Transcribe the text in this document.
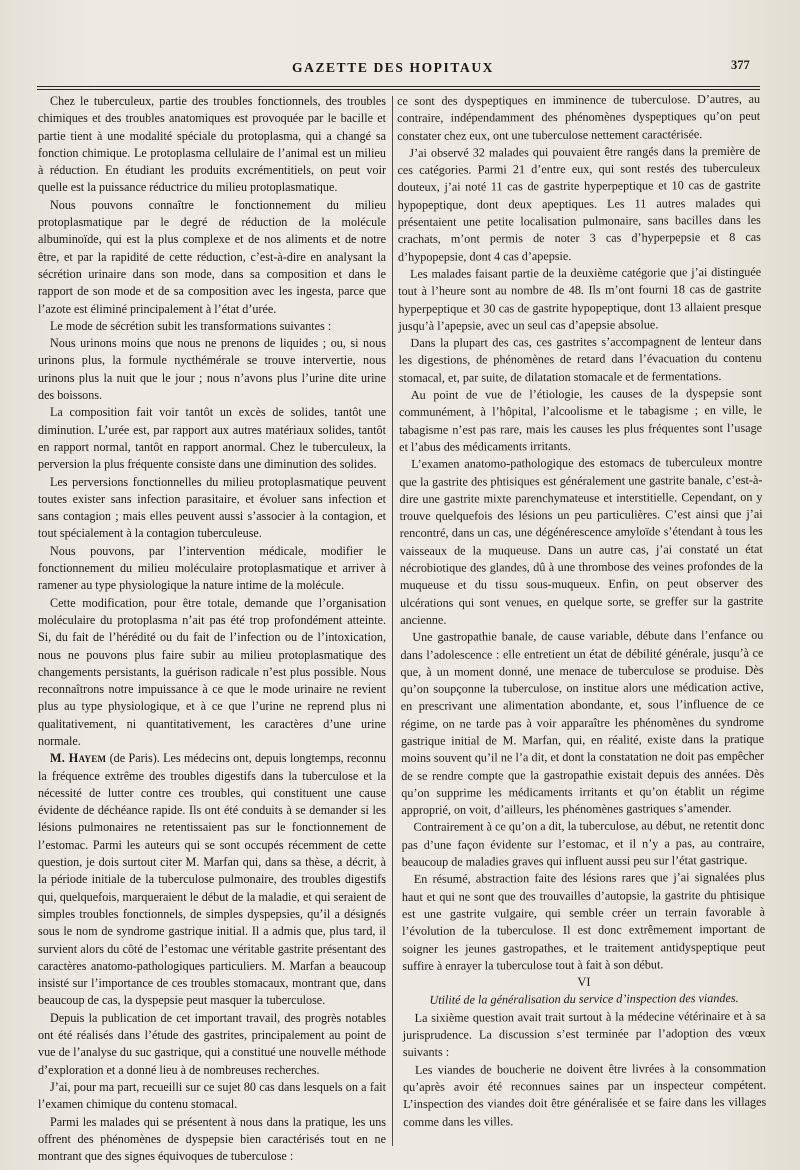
GAZETTE DES HOPITAUX	377

Chez le tuberculeux, partie des troubles fonctionnels, des troubles chimiques et des troubles anatomiques est provoquée par le bacille et partie tient à une modalité spéciale du protoplasma, qui a changé sa fonction chimique. Le protoplasma cellulaire de l’animal est un milieu à réduction. En étudiant les produits excrémentitiels, on peut voir quelle est la puissance réductrice du milieu protoplasmatique.

Nous pouvons connaître le fonctionnement du milieu protoplasmatique par le degré de réduction de la molécule albuminoïde, qui est la plus complexe et de nos aliments et de notre être, et par la rapidité de cette réduction, c’est-à-dire en analysant la sécrétion urinaire dans son mode, dans sa composition et dans le rapport de son mode et de sa composition avec les ingesta, parce que l’azote est éliminé principalement à l’état d’urée.

Le mode de sécrétion subit les transformations suivantes :

Nous urinons moins que nous ne prenons de liquides ; ou, si nous urinons plus, la formule nycthémérale se trouve intervertie, nous urinons plus la nuit que le jour ; nous n’avons plus l’urine dite urine des boissons.

La composition fait voir tantôt un excès de solides, tantôt une diminution. L’urée est, par rapport aux autres matériaux solides, tantôt en rapport normal, tantôt en rapport anormal. Chez le tuberculeux, la perversion la plus fréquente consiste dans une diminution des solides.

Les perversions fonctionnelles du milieu protoplasmatique peuvent toutes exister sans infection parasitaire, et évoluer sans infection et sans contagion ; mais elles peuvent aussi s’associer à la contagion, et tout spécialement à la contagion tuberculeuse.

Nous pouvons, par l’intervention médicale, modifier le fonctionnement du milieu moléculaire protoplasmatique et arriver à ramener au type physiologique la nature intime de la molécule.

Cette modification, pour être totale, demande que l’organisation moléculaire du protoplasma n’ait pas été trop profondément atteinte. Si, du fait de l’hérédité ou du fait de l’infection ou de l’intoxication, nous ne pouvons plus faire subir au milieu protoplasmatique des changements persistants, la guérison radicale n’est plus possible. Nous reconnaîtrons notre impuissance à ce que le mode urinaire ne revient plus au type physiologique, et à ce que l’urine ne reprend plus ni qualitativement, ni quantitativement, les caractères d’une urine normale.

M. Hayem (de Paris). Les médecins ont, depuis longtemps, reconnu la fréquence extrême des troubles digestifs dans la tuberculose et la nécessité de lutter contre ces troubles, qui constituent une cause évidente de déchéance rapide. Ils ont été conduits à se demander si les lésions pulmonaires ne retentissaient pas sur le fonctionnement de l’estomac. Parmi les auteurs qui se sont occupés récemment de cette question, je dois surtout citer M. Marfan qui, dans sa thèse, a décrit, à la période initiale de la tuberculose pulmonaire, des troubles digestifs qui, quelquefois, marqueraient le début de la maladie, et qui seraient de simples troubles fonctionnels, de simples dyspepsies, qu’il a désignés sous le nom de syndrome gastrique initial. Il a admis que, plus tard, il survient alors du côté de l’estomac une véritable gastrite présentant des caractères anatomo-pathologiques particuliers. M. Marfan a beaucoup insisté sur l’importance de ces troubles stomacaux, montrant que, dans beaucoup de cas, la dyspepsie peut masquer la tuberculose.

Depuis la publication de cet important travail, des progrès notables ont été réalisés dans l’étude des gastrites, principalement au point de vue de l’analyse du suc gastrique, qui a constitué une nouvelle méthode d’exploration et a donné lieu à de nombreuses recherches.

J’ai, pour ma part, recueilli sur ce sujet 80 cas dans lesquels on a fait l’examen chimique du contenu stomacal.

Parmi les malades qui se présentent à nous dans la pratique, les uns offrent des phénomènes de dyspepsie bien caractérisés tout en ne montrant que des signes équivoques de tuberculose :

ce sont des dyspeptiques en imminence de tuberculose. D’autres, au contraire, indépendamment des phénomènes dyspeptiques qu’on peut constater chez eux, ont une tuberculose nettement caractérisée.

J’ai observé 32 malades qui pouvaient être rangés dans la première de ces catégories. Parmi 21 d’entre eux, qui sont restés des tuberculeux douteux, j’ai noté 11 cas de gastrite hyperpeptique et 10 cas de gastrite hypopeptique, dont deux apeptiques. Les 11 autres malades qui présentaient une petite localisation pulmonaire, sans bacilles dans les crachats, m’ont permis de noter 3 cas d’hyperpepsie et 8 cas d’hypopepsie, dont 4 cas d’apepsie.

Les malades faisant partie de la deuxième catégorie que j’ai distinguée tout à l’heure sont au nombre de 48. Ils m’ont fourni 18 cas de gastrite hyperpeptique et 30 cas de gastrite hypopeptique, dont 13 allaient presque jusqu’à l’apepsie, avec un seul cas d’apepsie absolue.

Dans la plupart des cas, ces gastrites s’accompagnent de lenteur dans les digestions, de phénomènes de retard dans l’évacuation du contenu stomacal, et, par suite, de dilatation stomacale et de fermentations.

Au point de vue de l’étiologie, les causes de la dyspepsie sont communément, à l’hôpital, l’alcoolisme et le tabagisme ; en ville, le tabagisme n’est pas rare, mais les causes les plus fréquentes sont l’usage et l’abus des médicaments irritants.

L’examen anatomo-pathologique des estomacs de tuberculeux montre que la gastrite des phtisiques est généralement une gastrite banale, c’est-à-dire une gastrite mixte parenchymateuse et interstitielle. Cependant, on y trouve quelquefois des lésions un peu particulières. C’est ainsi que j’ai rencontré, dans un cas, une dégénérescence amyloïde s’étendant à tous les vaisseaux de la muqueuse. Dans un autre cas, j’ai constaté un état nécrobiotique des glandes, dû à une thrombose des veines profondes de la muqueuse et du tissu sous-muqueux. Enfin, on peut observer des ulcérations qui sont venues, en quelque sorte, se greffer sur la gastrite ancienne.

Une gastropathie banale, de cause variable, débute dans l’enfance ou dans l’adolescence : elle entretient un état de débilité générale, jusqu’à ce que, à un moment donné, une menace de tuberculose se produise. Dès qu’on soupçonne la tuberculose, on institue alors une médication active, en prescrivant une alimentation abondante, et, sous l’influence de ce régime, on ne tarde pas à voir apparaître les phénomènes du syndrome gastrique initial de M. Marfan, qui, en réalité, existe dans la pratique moins souvent qu’il ne l’a dit, et dont la constatation ne doit pas empêcher de se rendre compte que la gastropathie existait depuis des années. Dès qu’on supprime les médicaments irritants et qu’on établit un régime approprié, on voit, d’ailleurs, les phénomènes gastriques s’amender.

Contrairement à ce qu’on a dit, la tuberculose, au début, ne retentit donc pas d’une façon évidente sur l’estomac, et il n’y a pas, au contraire, beaucoup de maladies graves qui influent aussi peu sur l’état gastrique.

En résumé, abstraction faite des lésions rares que j’ai signalées plus haut et qui ne sont que des trouvailles d’autopsie, la gastrite du phtisique est une gastrite vulgaire, qui semble créer un terrain favorable à l’évolution de la tuberculose. Il est donc extrêmement important de soigner les jeunes gastropathes, et le traitement antidyspeptique peut suffire à enrayer la tuberculose tout à fait à son début.

VI

Utilité de la généralisation du service d’inspection des viandes.

La sixième question avait trait surtout à la médecine vétérinaire et à sa jurisprudence. La discussion s’est terminée par l’adoption des vœux suivants :

Les viandes de boucherie ne doivent être livrées à la consommation qu’après avoir été reconnues saines par un inspecteur compétent. L’inspection des viandes doit être généralisée et se faire dans les villages comme dans les villes.
